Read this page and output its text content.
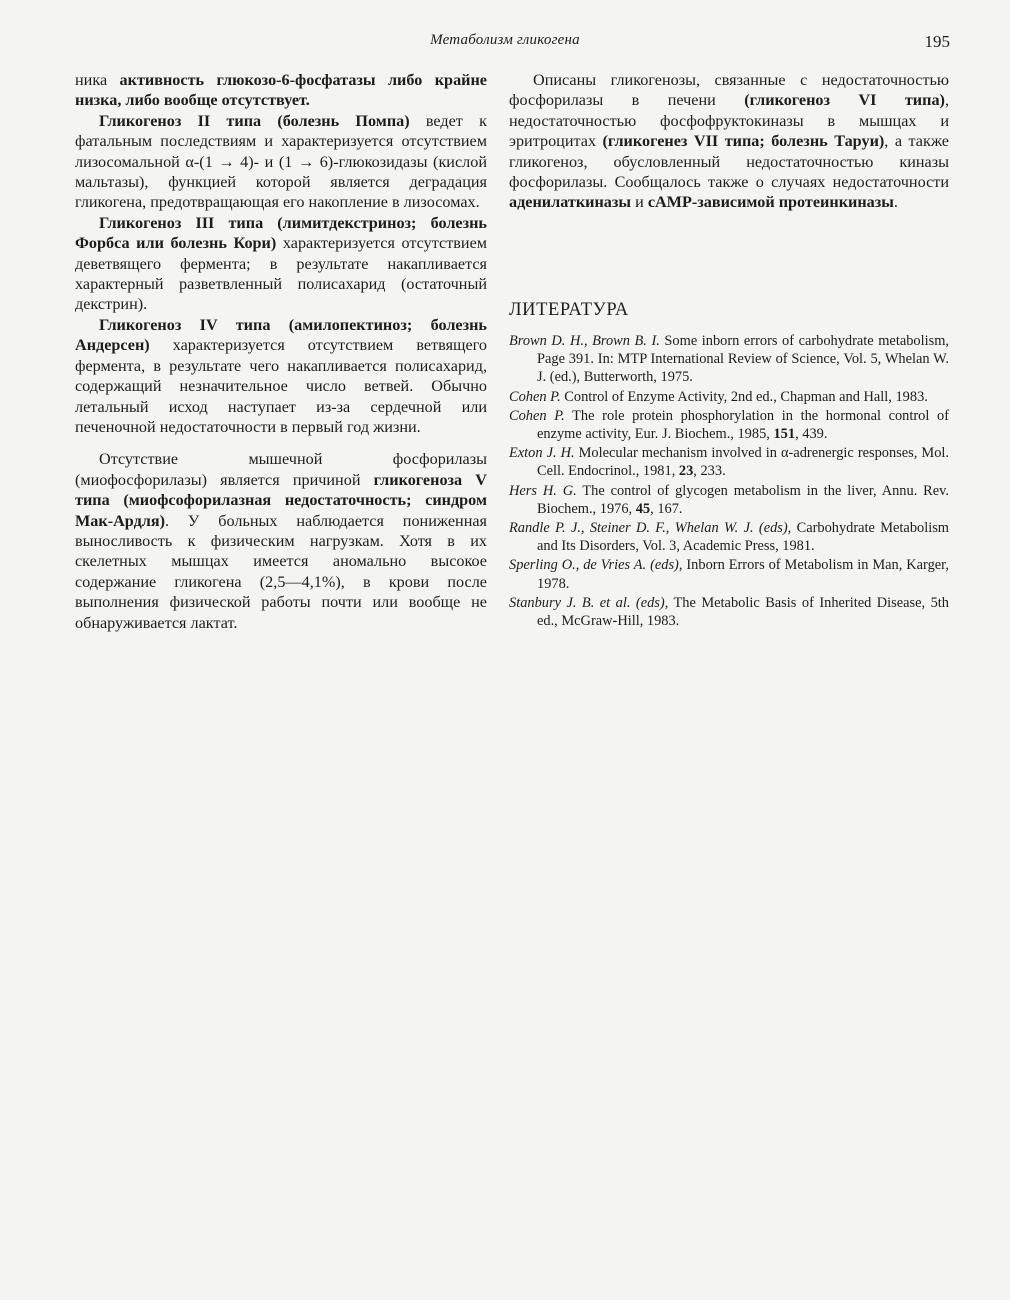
Метаболизм гликогена	195

ника активность глюкозо-6-фосфатазы либо крайне низка, либо вообще отсутствует.

Гликогеноз II типа (болезнь Помпа) ведет к фатальным последствиям и характеризуется отсутствием лизосомальной α-(1 → 4)- и (1 → 6)-глюкозидазы (кислой мальтазы), функцией которой является деградация гликогена, предотвращающая его накопление в лизосомах.

Гликогеноз III типа (лимитдекстриноз; болезнь Форбса или болезнь Кори) характеризуется отсутствием деветвящего фермента; в результате накапливается характерный разветвленный полисахарид (остаточный декстрин).

Гликогеноз IV типа (амилопектиноз; болезнь Андерсен) характеризуется отсутствием ветвящего фермента, в результате чего накапливается полисахарид, содержащий незначительное число ветвей. Обычно летальный исход наступает из-за сердечной или печеночной недостаточности в первый год жизни.

Отсутствие мышечной фосфорилазы (миофосфорилазы) является причиной гликогеноза V типа (миофсофорилазная недостаточность; синдром Мак-Ардля). У больных наблюдается пониженная выносливость к физическим нагрузкам. Хотя в их скелетных мышцах имеется аномально высокое содержание гликогена (2,5—4,1%), в крови после выполнения физической работы почти или вообще не обнаруживается лактат.

Описаны гликогенозы, связанные с недостаточностью фосфорилазы в печени (гликогеноз VI типа), недостаточностью фосфофруктокиназы в мышцах и эритроцитах (гликогенез VII типа; болезнь Таруи), а также гликогеноз, обусловленный недостаточностью киназы фосфорилазы. Сообщалось также о случаях недостаточности аденилаткиназы и cAMP-зависимой протеинкиназы.

ЛИТЕРАТУРА

Brown D. H., Brown B. I. Some inborn errors of carbohydrate metabolism, Page 391. In: MTP International Review of Science, Vol. 5, Whelan W. J. (ed.), Butterworth, 1975.

Cohen P. Control of Enzyme Activity, 2nd ed., Chapman and Hall, 1983.

Cohen P. The role protein phosphorylation in the hormonal control of enzyme activity, Eur. J. Biochem., 1985, 151, 439.

Exton J. H. Molecular mechanism involved in α-adrenergic responses, Mol. Cell. Endocrinol., 1981, 23, 233.

Hers H. G. The control of glycogen metabolism in the liver, Annu. Rev. Biochem., 1976, 45, 167.

Randle P. J., Steiner D. F., Whelan W. J. (eds), Carbohydrate Metabolism and Its Disorders, Vol. 3, Academic Press, 1981.

Sperling O., de Vries A. (eds), Inborn Errors of Metabolism in Man, Karger, 1978.

Stanbury J. B. et al. (eds), The Metabolic Basis of Inherited Disease, 5th ed., McGraw-Hill, 1983.
